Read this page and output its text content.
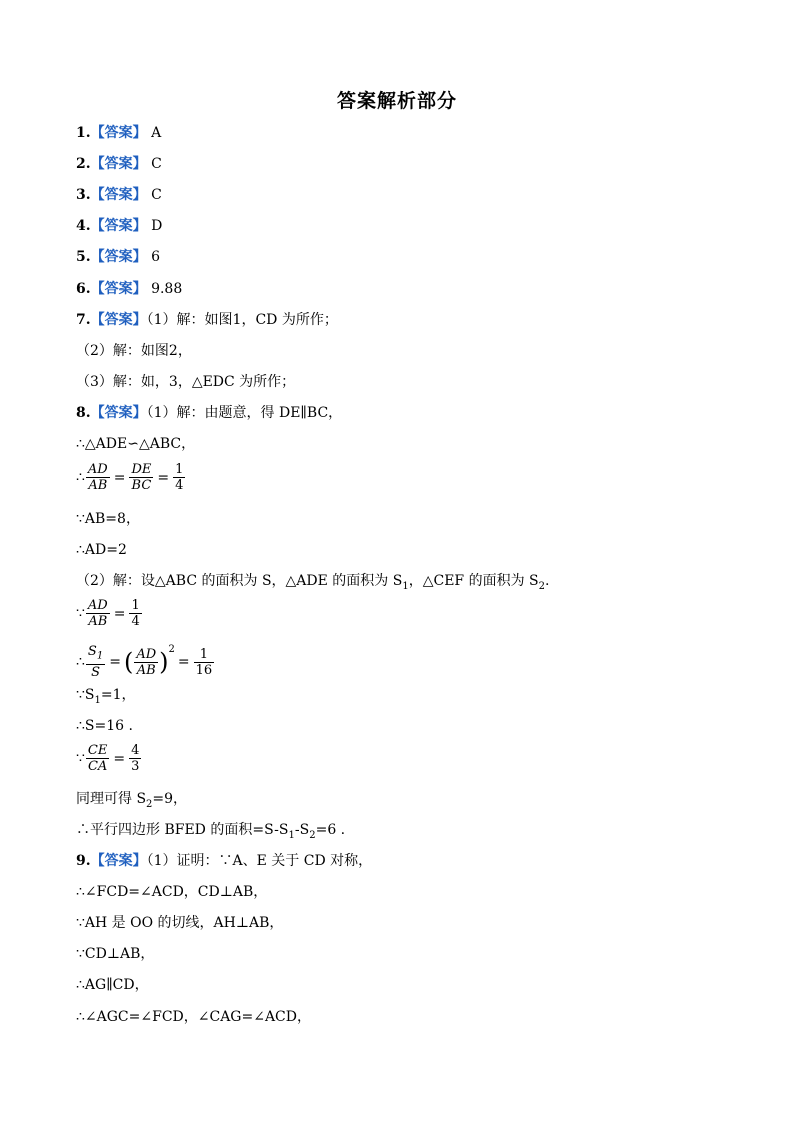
答案解析部分
1.【答案】 A
2.【答案】 C
3.【答案】 C
4.【答案】 D
5.【答案】 6
6.【答案】 9.88
7.【答案】（1）解：如图1，CD 为所作；
（2）解：如图2，
（3）解：如，3，△EDC 为所作；
8.【答案】（1）解：由题意，得 DE∥BC，
∴△ADE∽△ABC，
∴ $\frac{AD}{AB} = \frac{DE}{BC} = \frac{1}{4}$
∵AB=8，
∴AD=2
（2）解：设△ABC 的面积为 S，△ADE 的面积为 $S_1$，△CEF 的面积为 $S_2$.
∵ $\frac{AD}{AB} = \frac{1}{4}$
∴ $\frac{S_1}{S}$ = ( $\frac{AD}{AB} )^2= \frac{1}{16}$
$\because S_1=1$，
∴S=16 .
∵ $\frac{CE}{CA} = \frac{4}{3}$
同理可得 $S_2=9$，
∴平行四边形 BFED 的面积$=S-S_1-S_2=6$ .
9.【答案】（1）证明：∵A、E 关于 CD 对称，
∴∠FCD=∠ACD，CD⊥AB，
∵AH 是 OO 的切线，AH⊥AB，
∵CD⊥AB，
∴AG∥CD，
∴∠AGC=∠FCD，∠CAG=∠ACD，
